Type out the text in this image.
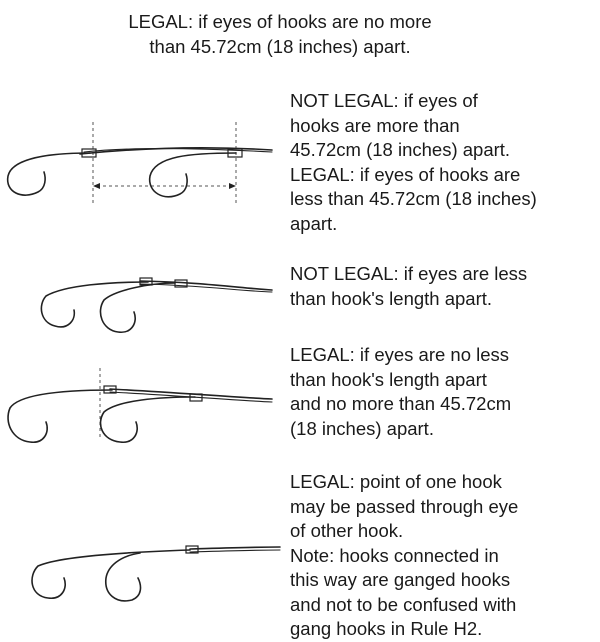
LEGAL: if eyes of hooks are no more
than 45.72cm (18 inches) apart.
NOT LEGAL: if eyes of
hooks are more than
45.72cm (18 inches) apart.
LEGAL: if eyes of hooks are
less than 45.72cm (18 inches)
apart.
NOT LEGAL: if eyes are less
than hook's length apart.
LEGAL: if eyes are no less
than hook's length apart
and no more than 45.72cm
(18 inches) apart.
LEGAL: point of one hook
may be passed through eye
of other hook.
Note: hooks connected in
this way are ganged hooks
and not to be confused with
gang hooks in Rule H2.
